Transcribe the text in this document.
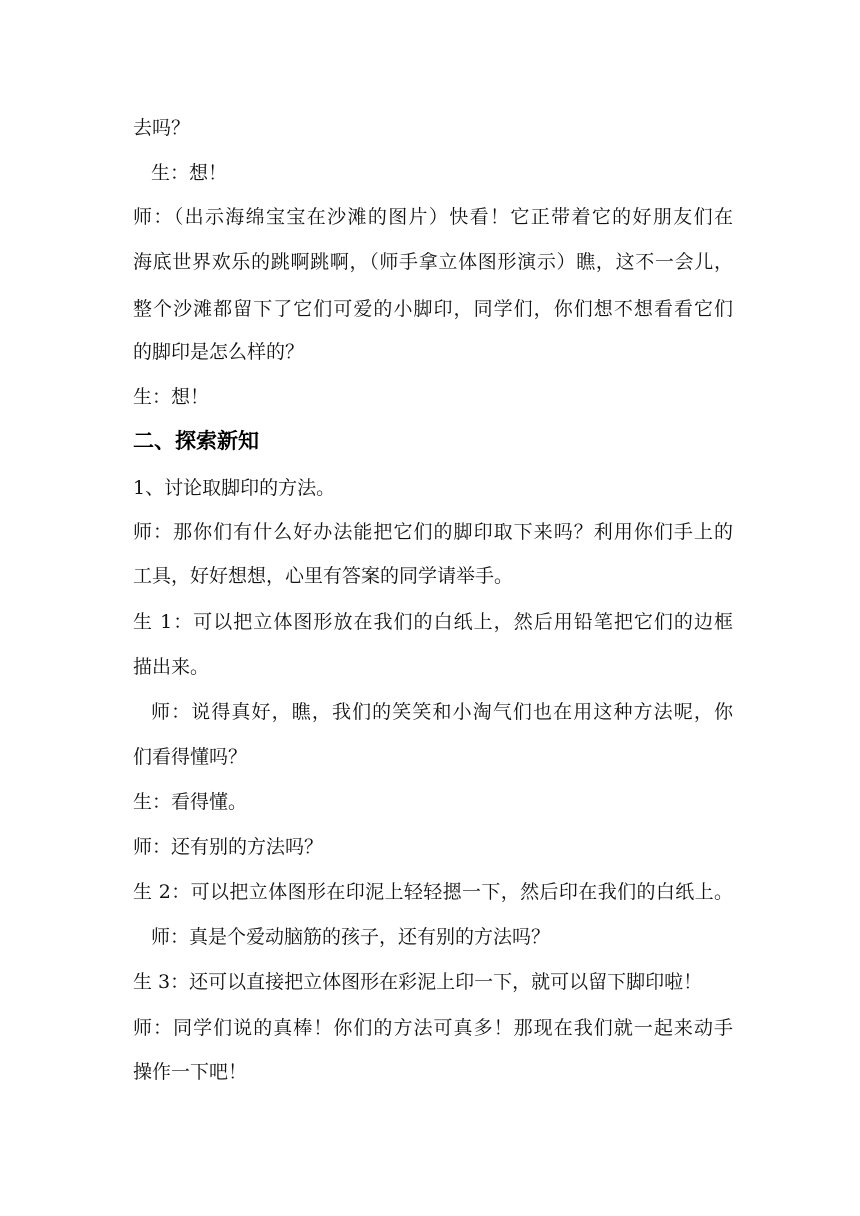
去吗？
生：想！
师：（出示海绵宝宝在沙滩的图片）快看！它正带着它的好朋友们在
海底世界欢乐的跳啊跳啊，（师手拿立体图形演示）瞧，这不一会儿，
整个沙滩都留下了它们可爱的小脚印，同学们，你们想不想看看它们
的脚印是怎么样的？
生：想！
二、探索新知
1、讨论取脚印的方法。
师：那你们有什么好办法能把它们的脚印取下来吗？利用你们手上的
工具，好好想想，心里有答案的同学请举手。
生 1：可以把立体图形放在我们的白纸上，然后用铅笔把它们的边框
描出来。
师：说得真好，瞧，我们的笑笑和小淘气们也在用这种方法呢，你
们看得懂吗？
生：看得懂。
师：还有别的方法吗？
生 2：可以把立体图形在印泥上轻轻摁一下，然后印在我们的白纸上。
师：真是个爱动脑筋的孩子，还有别的方法吗？
生 3：还可以直接把立体图形在彩泥上印一下，就可以留下脚印啦！
师：同学们说的真棒！你们的方法可真多！那现在我们就一起来动手
操作一下吧！
